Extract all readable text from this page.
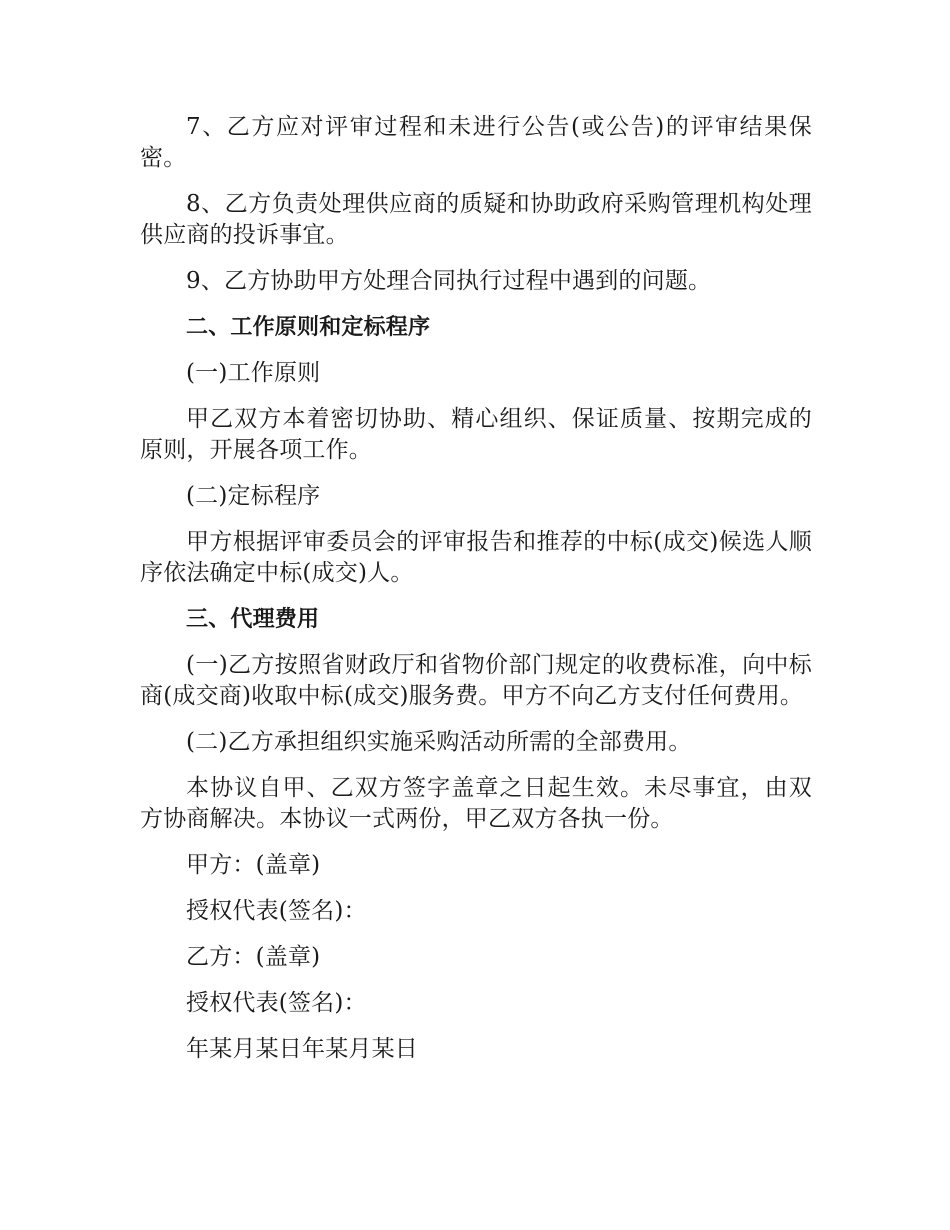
7、乙方应对评审过程和未进行公告(或公告)的评审结果保密。

8、乙方负责处理供应商的质疑和协助政府采购管理机构处理供应商的投诉事宜。

9、乙方协助甲方处理合同执行过程中遇到的问题。

二、工作原则和定标程序

(一)工作原则

甲乙双方本着密切协助、精心组织、保证质量、按期完成的原则，开展各项工作。

(二)定标程序

甲方根据评审委员会的评审报告和推荐的中标(成交)候选人顺序依法确定中标(成交)人。

三、代理费用

(一)乙方按照省财政厅和省物价部门规定的收费标准，向中标商(成交商)收取中标(成交)服务费。甲方不向乙方支付任何费用。

(二)乙方承担组织实施采购活动所需的全部费用。

本协议自甲、乙双方签字盖章之日起生效。未尽事宜，由双方协商解决。本协议一式两份，甲乙双方各执一份。

甲方：(盖章)

授权代表(签名)：

乙方：(盖章)

授权代表(签名)：

年某月某日年某月某日
